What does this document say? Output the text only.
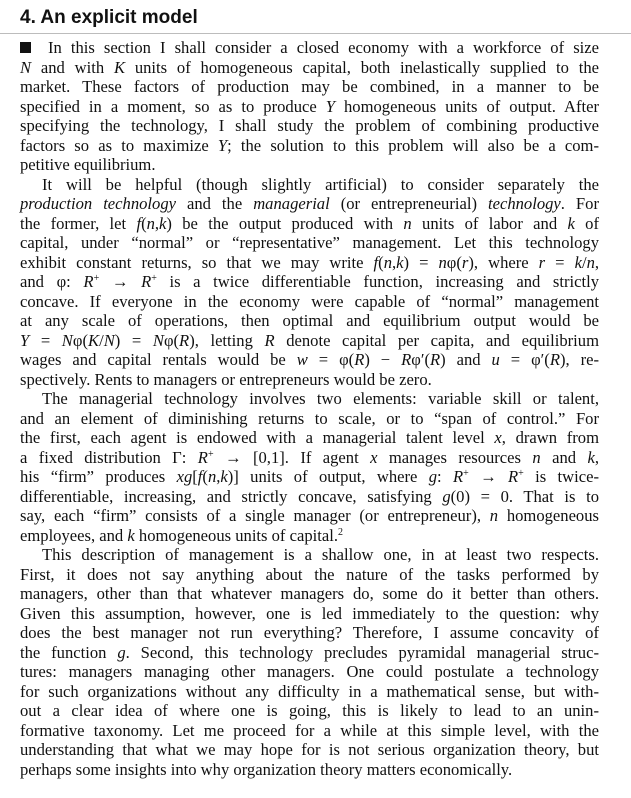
4. An explicit model
In this section I shall consider a closed economy with a workforce of size
N and with K units of homogeneous capital, both inelastically supplied to the
market. These factors of production may be combined, in a manner to be
specified in a moment, so as to produce Y homogeneous units of output. After
specifying the technology, I shall study the problem of combining productive
factors so as to maximize Y; the solution to this problem will also be a com-
petitive equilibrium.
It will be helpful (though slightly artificial) to consider separately the
production technology and the managerial (or entrepreneurial) technology. For
the former, let f(n,k) be the output produced with n units of labor and k of
capital, under “normal” or “representative” management. Let this technology
exhibit constant returns, so that we may write f(n,k) = nφ(r), where r = k/n,
and φ: R+ → R+ is a twice differentiable function, increasing and strictly
concave. If everyone in the economy were capable of “normal” management
at any scale of operations, then optimal and equilibrium output would be
Y = Nφ(K/N) = Nφ(R), letting R denote capital per capita, and equilibrium
wages and capital rentals would be w = φ(R) − Rφ′(R) and u = φ′(R), re-
spectively. Rents to managers or entrepreneurs would be zero.
The managerial technology involves two elements: variable skill or talent,
and an element of diminishing returns to scale, or to “span of control.” For
the first, each agent is endowed with a managerial talent level x, drawn from
a fixed distribution Γ: R+ → [0,1]. If agent x manages resources n and k,
his “firm” produces xg[f(n,k)] units of output, where g: R+ → R+ is twice-
differentiable, increasing, and strictly concave, satisfying g(0) = 0. That is to
say, each “firm” consists of a single manager (or entrepreneur), n homogeneous
employees, and k homogeneous units of capital.$^2$
This description of management is a shallow one, in at least two respects.
First, it does not say anything about the nature of the tasks performed by
managers, other than that whatever managers do, some do it better than others.
Given this assumption, however, one is led immediately to the question: why
does the best manager not run everything? Therefore, I assume concavity of
the function g. Second, this technology precludes pyramidal managerial struc-
tures: managers managing other managers. One could postulate a technology
for such organizations without any difficulty in a mathematical sense, but with-
out a clear idea of where one is going, this is likely to lead to an unin-
formative taxonomy. Let me proceed for a while at this simple level, with the
understanding that what we may hope for is not serious organization theory, but
perhaps some insights into why organization theory matters economically.
